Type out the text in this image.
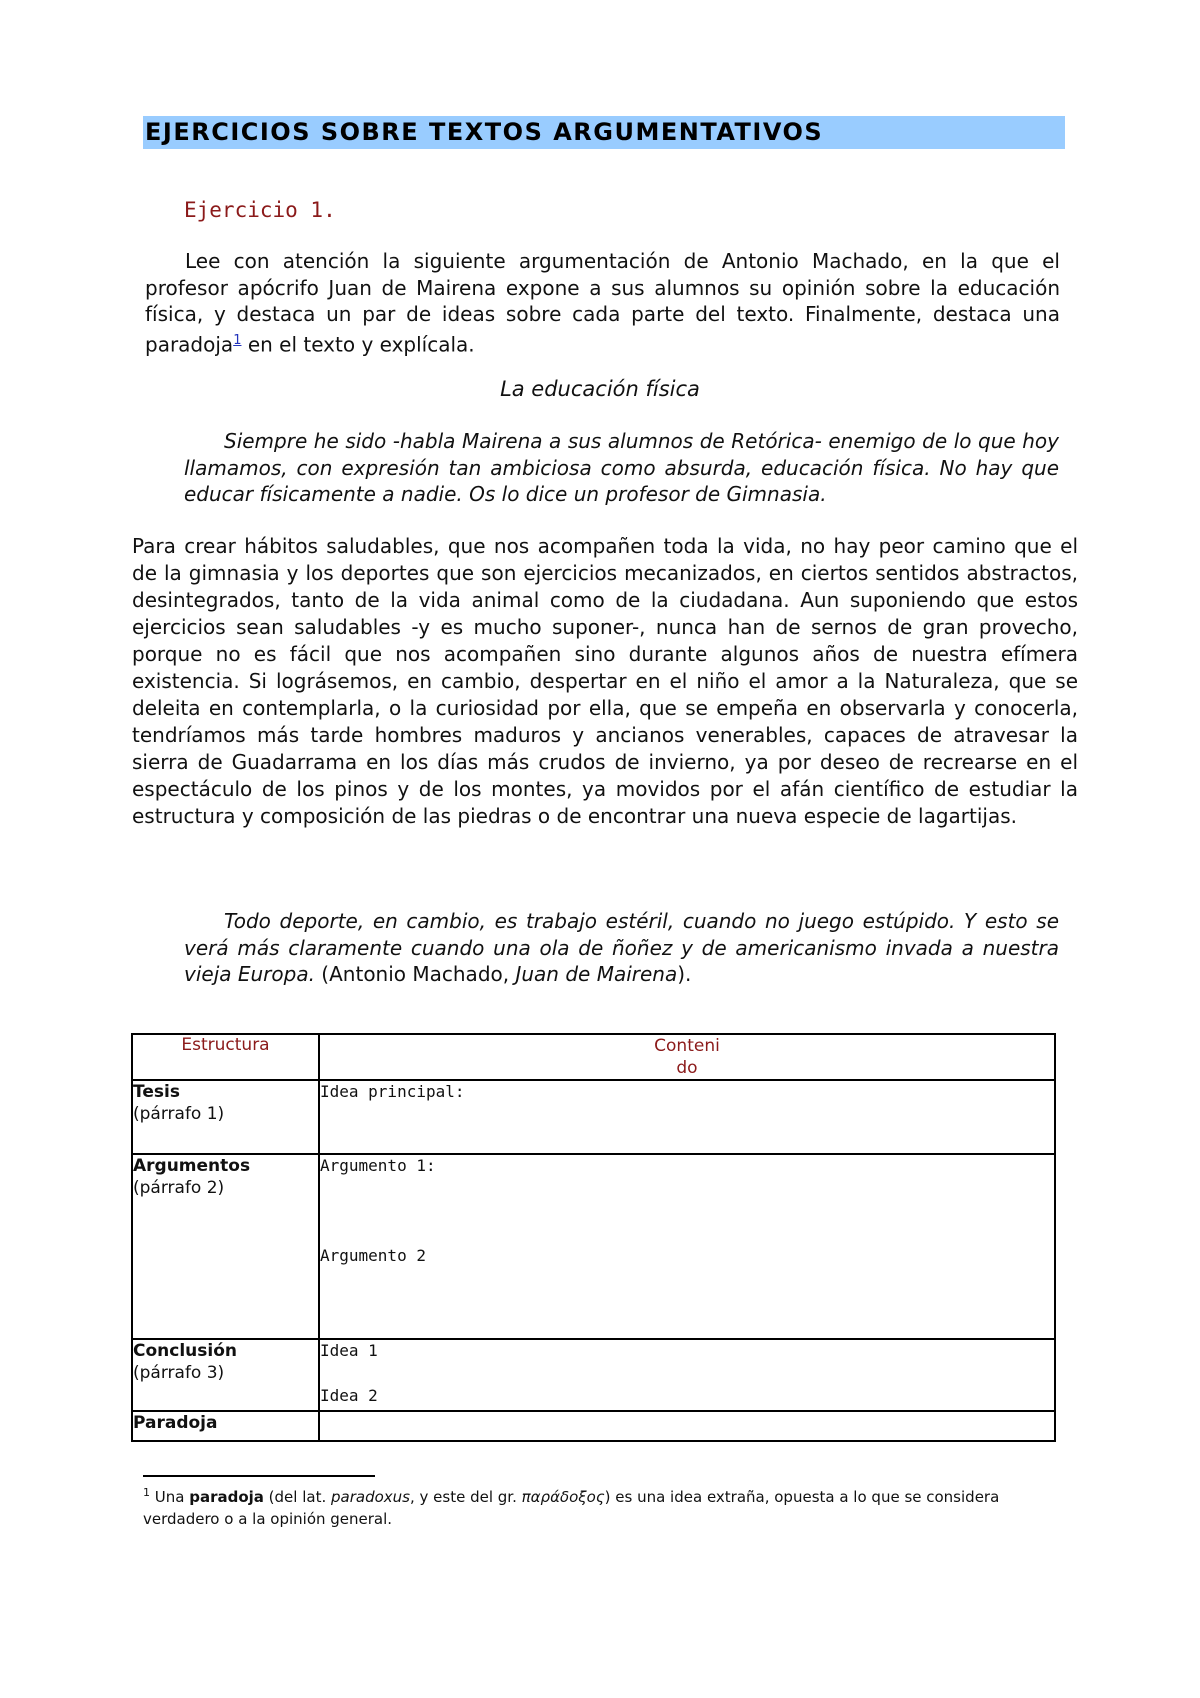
EJERCICIOS SOBRE TEXTOS ARGUMENTATIVOS
Ejercicio 1.
Lee con atención la siguiente argumentación de Antonio Machado, en la que el profesor apócrifo Juan de Mairena expone a sus alumnos su opinión sobre la educación física, y destaca un par de ideas sobre cada parte del texto. Finalmente, destaca una paradoja$^1$ en el texto y explícala.
La educación física
Siempre he sido -habla Mairena a sus alumnos de Retórica- enemigo de lo que hoy llamamos, con expresión tan ambiciosa como absurda, educación física. No hay que educar físicamente a nadie. Os lo dice un profesor de Gimnasia.
Para crear hábitos saludables, que nos acompañen toda la vida, no hay peor camino que el de la gimnasia y los deportes que son ejercicios mecanizados, en ciertos sentidos abstractos, desintegrados, tanto de la vida animal como de la ciudadana. Aun suponiendo que estos ejercicios sean saludables -y es mucho suponer-, nunca han de sernos de gran provecho, porque no es fácil que nos acompañen sino durante algunos años de nuestra efímera existencia. Si lográsemos, en cambio, despertar en el niño el amor a la Naturaleza, que se deleita en contemplarla, o la curiosidad por ella, que se empeña en observarla y conocerla, tendríamos más tarde hombres maduros y ancianos venerables, capaces de atravesar la sierra de Guadarrama en los días más crudos de invierno, ya por deseo de recrearse en el espectáculo de los pinos y de los montes, ya movidos por el afán científico de estudiar la estructura y composición de las piedras o de encontrar una nueva especie de lagartijas.
Todo deporte, en cambio, es trabajo estéril, cuando no juego estúpido. Y esto se verá más claramente cuando una ola de ñoñez y de americanismo invada a nuestra vieja Europa. (Antonio Machado, Juan de Mairena).
Estructura	Conteni
do

Tesis
(párrafo 1)	Idea principal:

Argumentos
(párrafo 2)	Argumento 1:
Argumento 2

Conclusión
(párrafo 3)	Idea 1
Idea 2

Paradoja	

$^1$ Una paradoja (del lat. paradoxus, y este del gr. παράδοξος) es una idea extraña, opuesta a lo que se considera verdadero o a la opinión general.
